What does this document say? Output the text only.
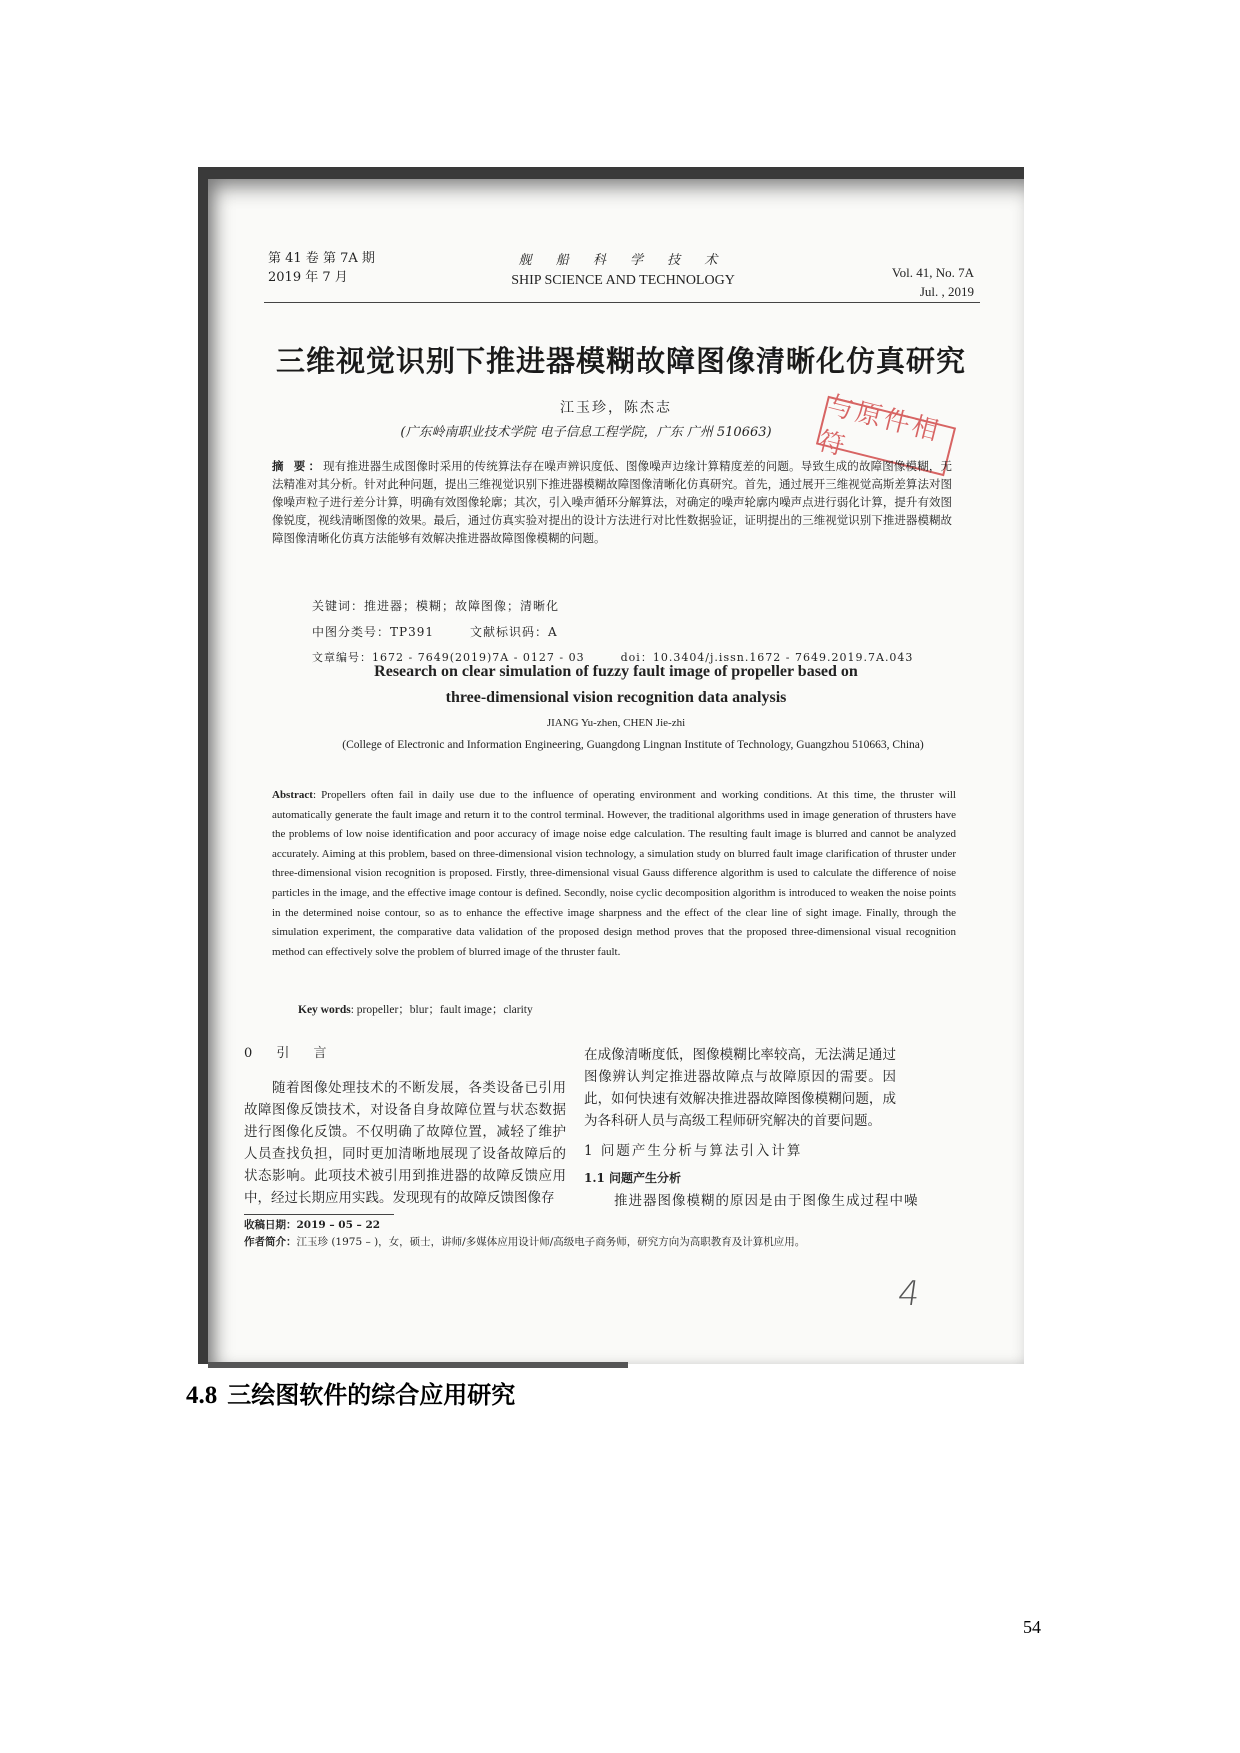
第 41 卷 第 7A 期
2019 年 7 月
舰 船 科 学 技 术
SHIP SCIENCE AND TECHNOLOGY
Vol. 41, No. 7A
Jul. , 2019
三维视觉识别下推进器模糊故障图像清晰化仿真研究
江玉珍，陈杰志
(广东岭南职业技术学院 电子信息工程学院，广东 广州 510663)	与原件相符
摘 要：现有推进器生成图像时采用的传统算法存在噪声辨识度低、图像噪声边缘计算精度差的问题。导致生成的故障图像模糊，无法精准对其分析。针对此种问题，提出三维视觉识别下推进器模糊故障图像清晰化仿真研究。首先，通过展开三维视觉高斯差算法对图像噪声粒子进行差分计算，明确有效图像轮廓；其次，引入噪声循环分解算法，对确定的噪声轮廓内噪声点进行弱化计算，提升有效图像锐度，视线清晰图像的效果。最后，通过仿真实验对提出的设计方法进行对比性数据验证，证明提出的三维视觉识别下推进器模糊故障图像清晰化仿真方法能够有效解决推进器故障图像模糊的问题。
关键词：推进器；模糊；故障图像；清晰化
中图分类号：TP391	文献标识码：A
文章编号：1672 - 7649(2019)7A - 0127 - 03	doi：10.3404/j.issn.1672 - 7649.2019.7A.043
Research on clear simulation of fuzzy fault image of propeller based on
three-dimensional vision recognition data analysis
JIANG Yu-zhen, CHEN Jie-zhi
(College of Electronic and Information Engineering, Guangdong Lingnan Institute of Technology, Guangzhou 510663, China)
Abstract: Propellers often fail in daily use due to the influence of operating environment and working conditions. At this time, the thruster will automatically generate the fault image and return it to the control terminal. However, the traditional algorithms used in image generation of thrusters have the problems of low noise identification and poor accuracy of image noise edge calculation. The resulting fault image is blurred and cannot be analyzed accurately. Aiming at this problem, based on three-dimensional vision technology, a simulation study on blurred fault image clarification of thruster under three-dimensional vision recognition is proposed. Firstly, three-dimensional visual Gauss difference algorithm is used to calculate the difference of noise particles in the image, and the effective image contour is defined. Secondly, noise cyclic decomposition algorithm is introduced to weaken the noise points in the determined noise contour, so as to enhance the effective image sharpness and the effect of the clear line of sight image. Finally, through the simulation experiment, the comparative data validation of the proposed design method proves that the proposed three-dimensional visual recognition method can effectively solve the problem of blurred image of the thruster fault.
Key words: propeller；blur；fault image；clarity
0 引 言
随着图像处理技术的不断发展，各类设备已引用故障图像反馈技术，对设备自身故障位置与状态数据进行图像化反馈。不仅明确了故障位置，减轻了维护人员查找负担，同时更加清晰地展现了设备故障后的状态影响。此项技术被引用到推进器的故障反馈应用中，经过长期应用实践。发现现有的故障反馈图像存
在成像清晰度低，图像模糊比率较高，无法满足通过图像辨认判定推进器故障点与故障原因的需要。因此，如何快速有效解决推进器故障图像模糊问题，成为各科研人员与高级工程师研究解决的首要问题。
1 问题产生分析与算法引入计算
1.1 问题产生分析
推进器图像模糊的原因是由于图像生成过程中噪
收稿日期：2019 – 05 – 22
作者简介：江玉珍 (1975 – )，女，硕士，讲师/多媒体应用设计师/高级电子商务师，研究方向为高职教育及计算机应用。
4
4.8 三绘图软件的综合应用研究
54
